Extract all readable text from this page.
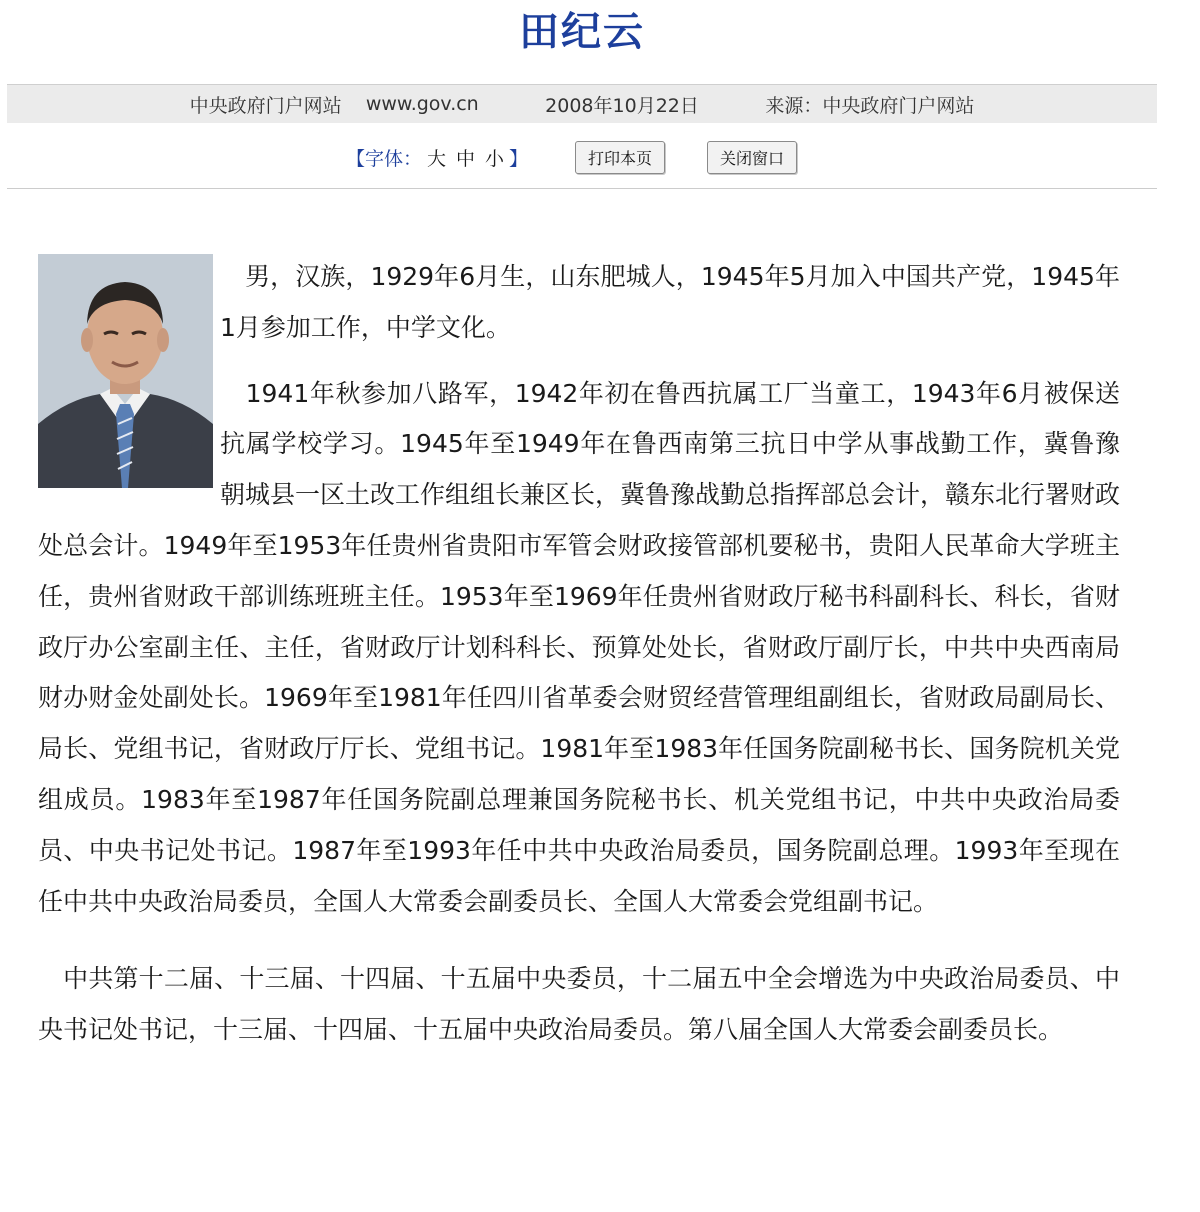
田纪云
中央政府门户网站
www.gov.cn
	2008年10月22日
	来源：中央政府门户网站
【字体： 大 中 小 】	打印本页	关闭窗口

　男，汉族，1929年6月生，山东肥城人，1945年5月加入中国共产党，1945年1月参加工作，中学文化。

　1941年秋参加八路军，1942年初在鲁西抗属工厂当童工，1943年6月被保送抗属学校学习。1945年至1949年在鲁西南第三抗日中学从事战勤工作，冀鲁豫朝城县一区土改工作组组长兼区长，冀鲁豫战勤总指挥部总会计，赣东北行署财政处总会计。1949年至1953年任贵州省贵阳市军管会财政接管部机要秘书，贵阳人民革命大学班主任，贵州省财政干部训练班班主任。1953年至1969年任贵州省财政厅秘书科副科长、科长，省财政厅办公室副主任、主任，省财政厅计划科科长、预算处处长，省财政厅副厅长，中共中央西南局财办财金处副处长。1969年至1981年任四川省革委会财贸经营管理组副组长，省财政局副局长、局长、党组书记，省财政厅厅长、党组书记。1981年至1983年任国务院副秘书长、国务院机关党组成员。1983年至1987年任国务院副总理兼国务院秘书长、机关党组书记，中共中央政治局委员、中央书记处书记。1987年至1993年任中共中央政治局委员，国务院副总理。1993年至现在任中共中央政治局委员，全国人大常委会副委员长、全国人大常委会党组副书记。

　中共第十二届、十三届、十四届、十五届中央委员，十二届五中全会增选为中央政治局委员、中央书记处书记，十三届、十四届、十五届中央政治局委员。第八届全国人大常委会副委员长。
